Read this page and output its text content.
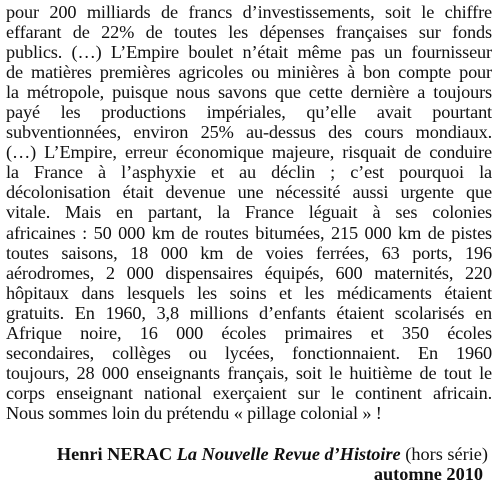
pour 200 milliards de francs d’investissements, soit le chiffre
effarant de 22% de toutes les dépenses françaises sur fonds
publics. (…) L’Empire boulet n’était même pas un fournisseur
de matières premières agricoles ou minières à bon compte pour
la métropole, puisque nous savons que cette dernière a toujours
payé les productions impériales, qu’elle avait pourtant
subventionnées, environ 25% au-dessus des cours mondiaux.
(…) L’Empire, erreur économique majeure, risquait de conduire
la France à l’asphyxie et au déclin ; c’est pourquoi la
décolonisation était devenue une nécessité aussi urgente que
vitale. Mais en partant, la France léguait à ses colonies
africaines : 50 000 km de routes bitumées, 215 000 km de pistes
toutes saisons, 18 000 km de voies ferrées, 63 ports, 196
aérodromes, 2 000 dispensaires équipés, 600 maternités, 220
hôpitaux dans lesquels les soins et les médicaments étaient
gratuits. En 1960, 3,8 millions d’enfants étaient scolarisés en
Afrique noire, 16 000 écoles primaires et 350 écoles
secondaires, collèges ou lycées, fonctionnaient. En 1960
toujours, 28 000 enseignants français, soit le huitième de tout le
corps enseignant national exerçaient sur le continent africain.
Nous sommes loin du prétendu « pillage colonial » !
Henri NERAC La Nouvelle Revue d’Histoire (hors série)
automne 2010
